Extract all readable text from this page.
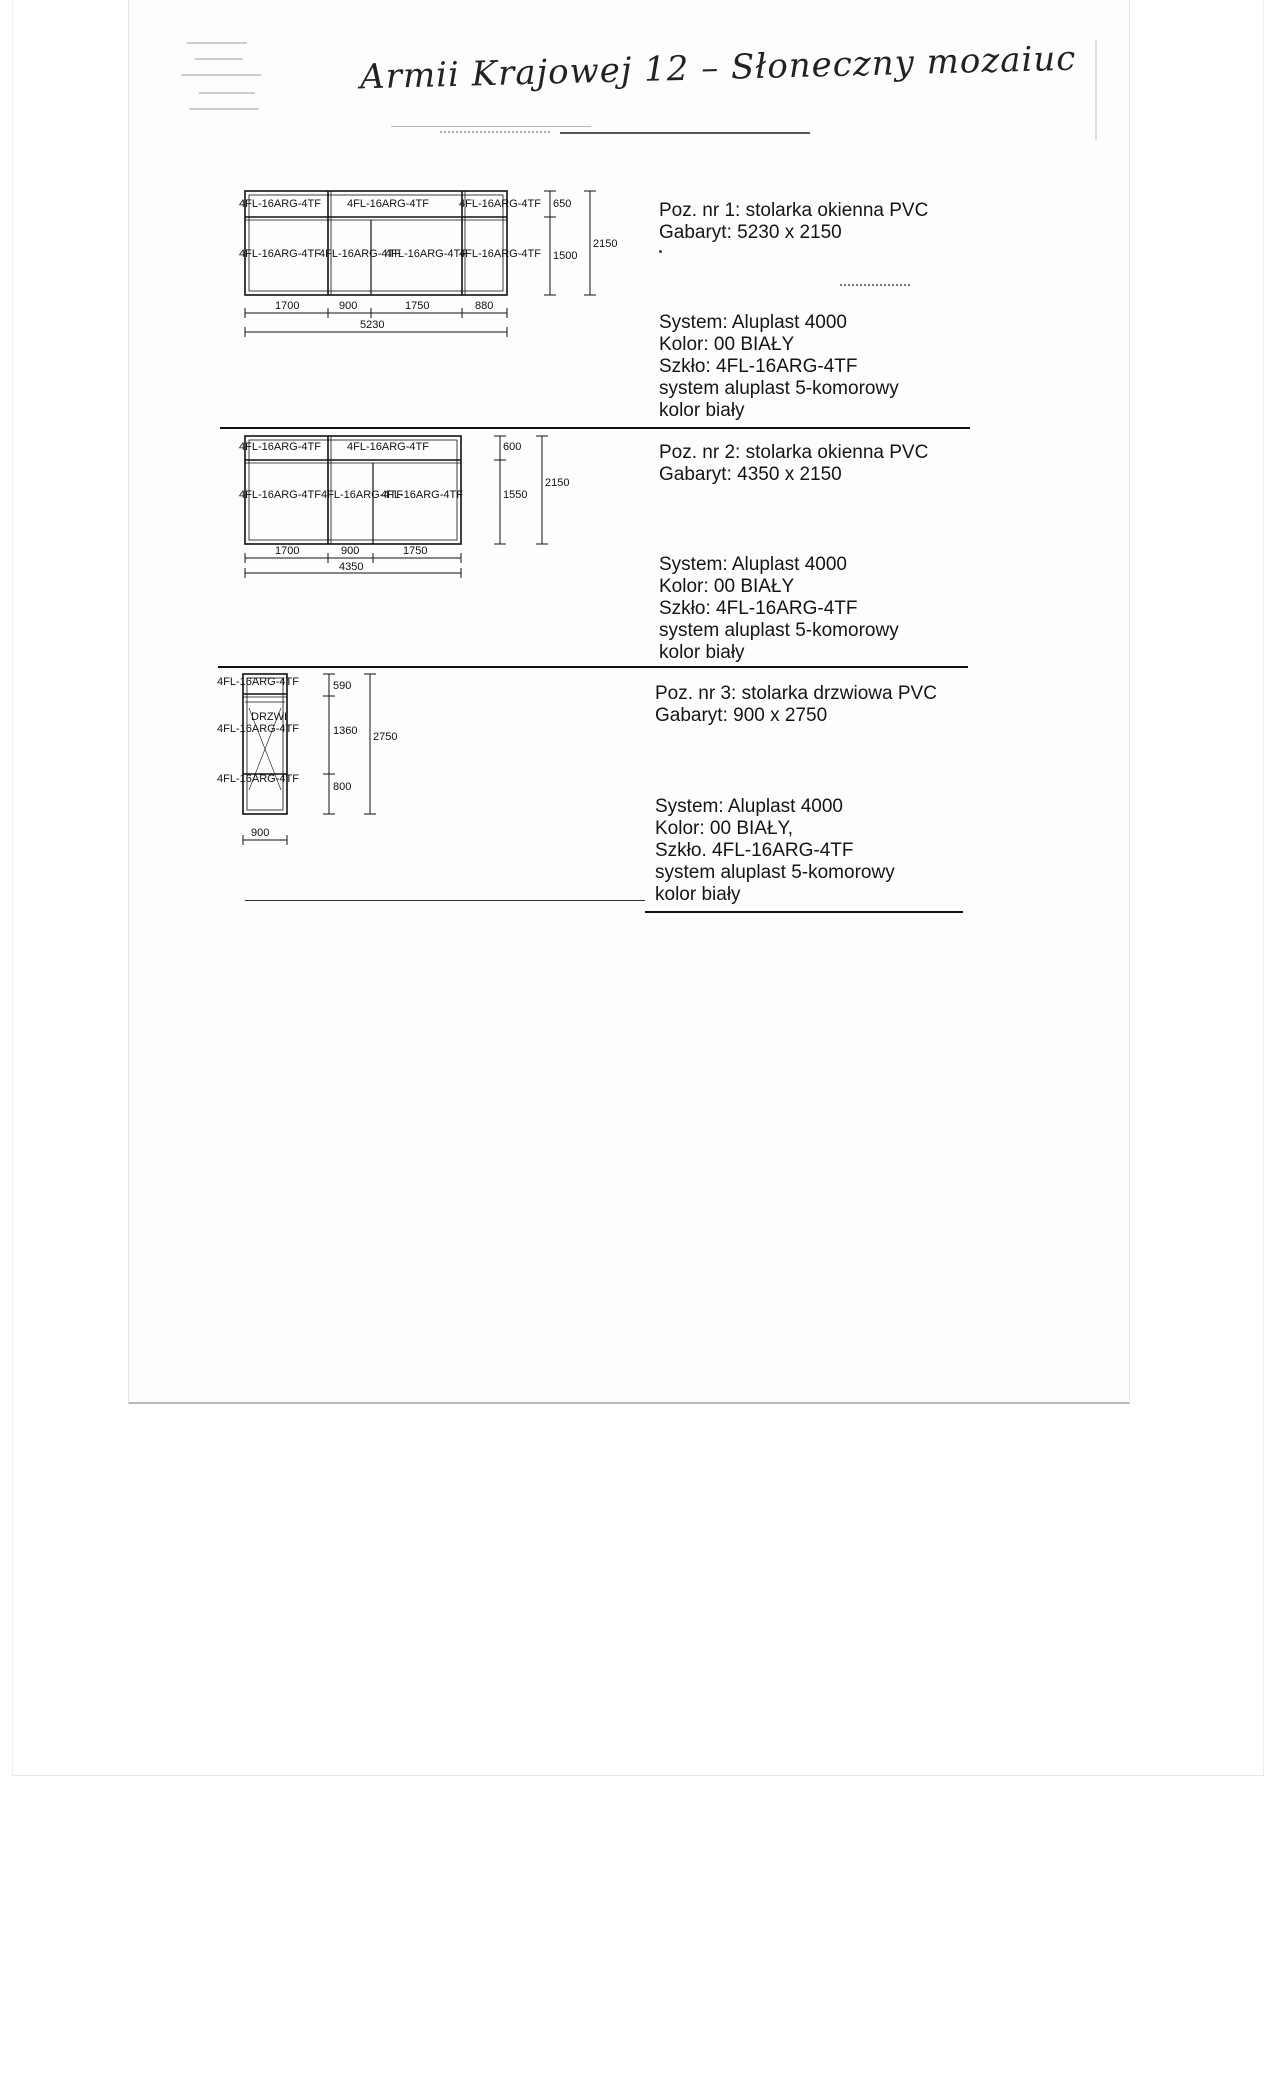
Armii Krajowej 12 – Słoneczny mozaiuc
4FL-16ARG-4TF 4FL-16ARG-4TF	4FL-16ARG-4TF
4FL-16ARG-4TF
4FL-16ARG-4TF
4FL-16ARG-4TF
4FL-16ARG-4TF
1700	900	1750	880
5230
650
1500
2150
Poz. nr 1: stolarka okienna PVC
Gabaryt: 5230 x 2150
System: Aluplast 4000
Kolor: 00 BIAŁY
Szkło: 4FL-16ARG-4TF
system aluplast 5-komorowy
kolor biały
4FL-16ARG-4TF 4FL-16ARG-4TF
4FL-16ARG-4TF 4FL-16ARG-4TF
4FL-16ARG-4TF
1700	900	1750
4350
600
1550
2150
Poz. nr 2: stolarka okienna PVC
Gabaryt: 4350 x 2150
System: Aluplast 4000
Kolor: 00 BIAŁY
Szkło: 4FL-16ARG-4TF
system aluplast 5-komorowy
kolor biały
4FL-16ARG-4TF
DRZWI
4FL-16ARG-4TF
4FL-16ARG-4TF
900
590
1360
800
2750
Poz. nr 3: stolarka drzwiowa PVC
Gabaryt: 900 x 2750
System: Aluplast 4000
Kolor: 00 BIAŁY,
Szkło. 4FL-16ARG-4TF
system aluplast 5-komorowy
kolor biały
